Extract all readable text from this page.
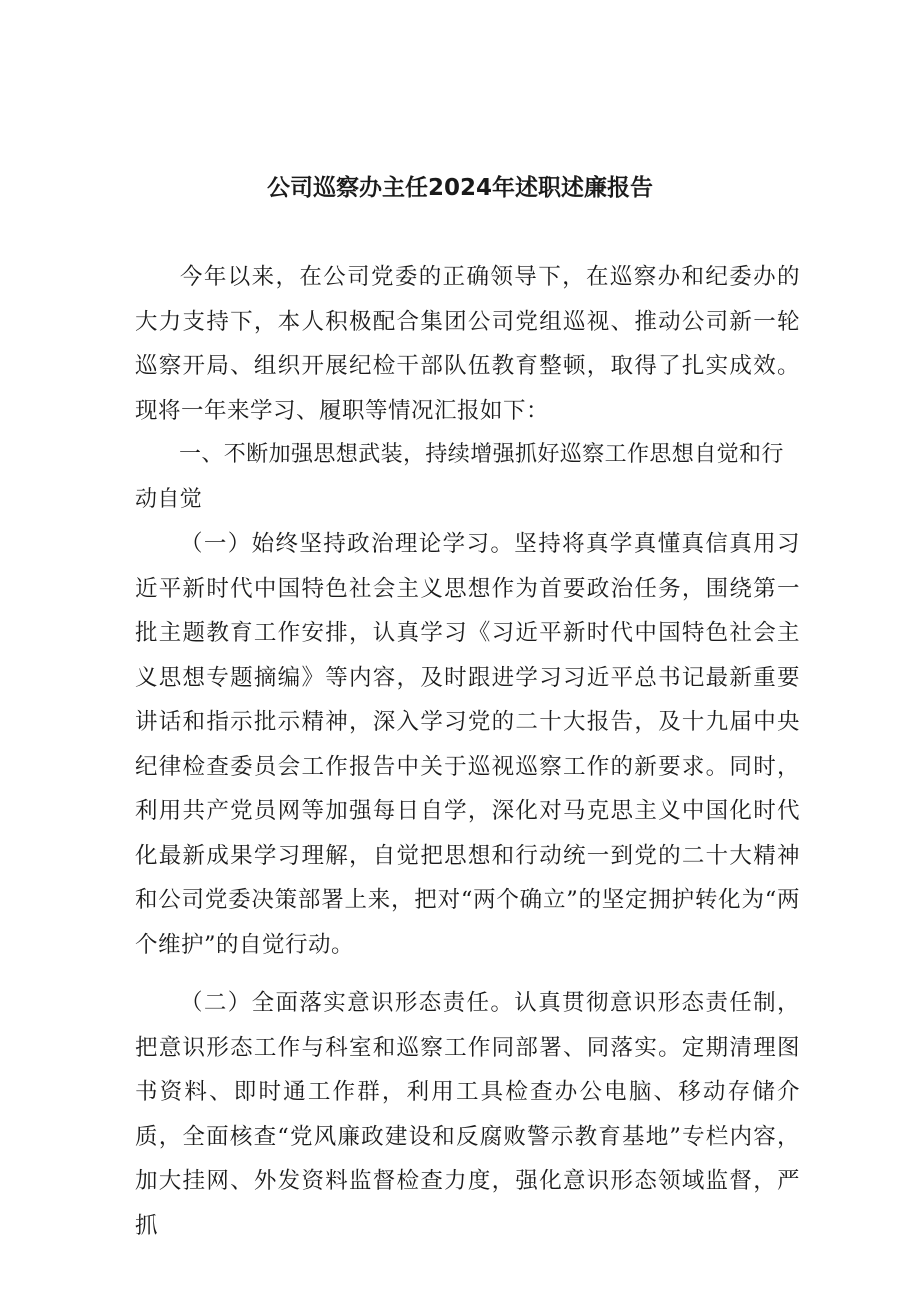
公司巡察办主任2024年述职述廉报告

今年以来，在公司党委的正确领导下，在巡察办和纪委办的大力支持下，本人积极配合集团公司党组巡视、推动公司新一轮巡察开局、组织开展纪检干部队伍教育整顿，取得了扎实成效。现将一年来学习、履职等情况汇报如下：

一、不断加强思想武装，持续增强抓好巡察工作思想自觉和行动自觉

（一）始终坚持政治理论学习。坚持将真学真懂真信真用习近平新时代中国特色社会主义思想作为首要政治任务，围绕第一批主题教育工作安排，认真学习《习近平新时代中国特色社会主义思想专题摘编》等内容，及时跟进学习习近平总书记最新重要讲话和指示批示精神，深入学习党的二十大报告，及十九届中央纪律检查委员会工作报告中关于巡视巡察工作的新要求。同时，利用共产党员网等加强每日自学，深化对马克思主义中国化时代化最新成果学习理解，自觉把思想和行动统一到党的二十大精神和公司党委决策部署上来，把对“两个确立”的坚定拥护转化为“两个维护”的自觉行动。

（二）全面落实意识形态责任。认真贯彻意识形态责任制，把意识形态工作与科室和巡察工作同部署、同落实。定期清理图书资料、即时通工作群，利用工具检查办公电脑、移动存储介质，全面核查“党风廉政建设和反腐败警示教育基地”专栏内容，加大挂网、外发资料监督检查力度，强化意识形态领域监督，严抓
